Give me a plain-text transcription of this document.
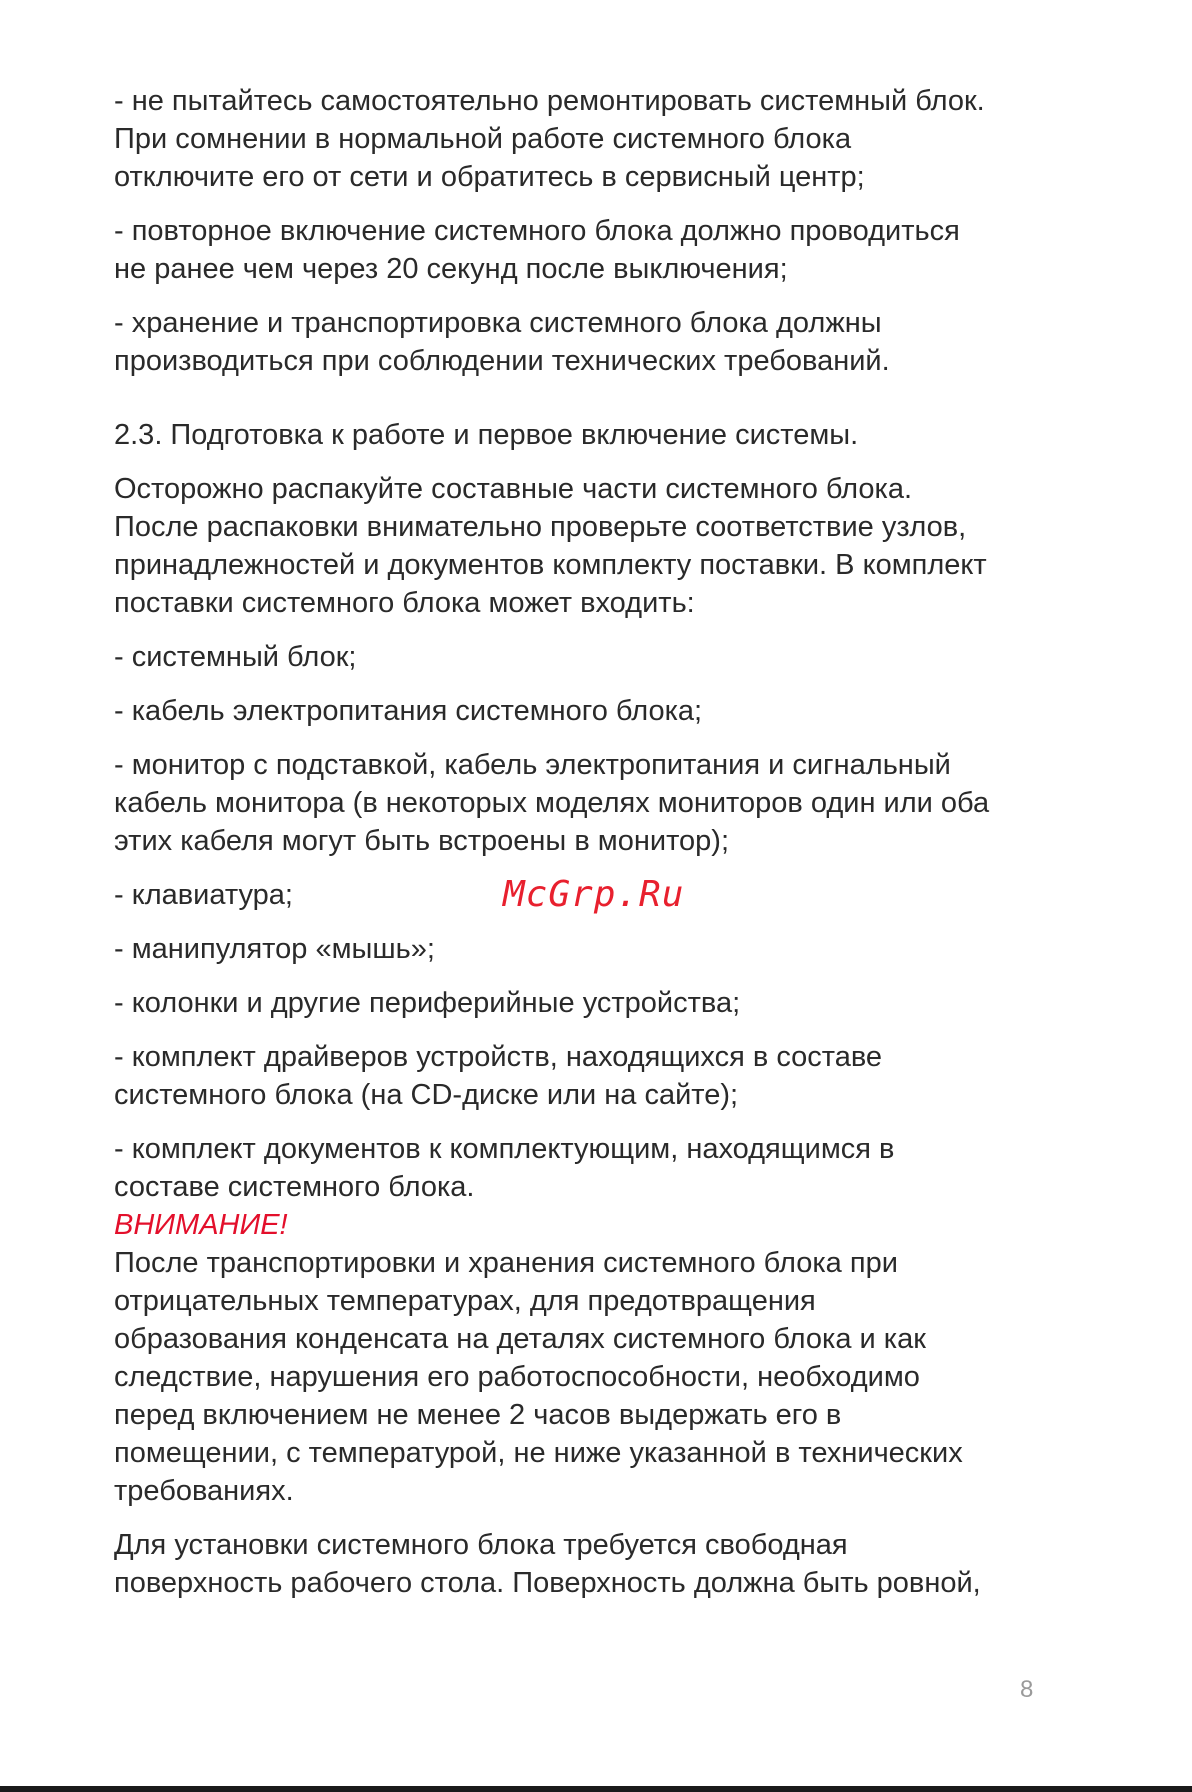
- не пытайтесь самостоятельно ремонтировать системный блок.
При сомнении в нормальной работе системного блока
отключите его от сети и обратитесь в сервисный центр;

- повторное включение системного блока должно проводиться
не ранее чем через 20 секунд после выключения;

- хранение и транспортировка системного блока должны
производиться при соблюдении технических требований.

2.3. Подготовка к работе и первое включение системы.

Осторожно распакуйте составные части системного блока.
После распаковки внимательно проверьте соответствие узлов,
принадлежностей и документов комплекту поставки. В комплект
поставки системного блока может входить:

- системный блок;

- кабель электропитания системного блока;

- монитор с подставкой, кабель электропитания и сигнальный
кабель монитора (в некоторых моделях мониторов один или оба
этих кабеля могут быть встроены в монитор);

- клавиатура;

- манипулятор «мышь»;

- колонки и другие периферийные устройства;

- комплект драйверов устройств, находящихся в составе
системного блока (на CD-диске или на сайте);

- комплект документов к комплектующим, находящимся в
составе системного блока.

ВНИМАНИЕ!

После транспортировки и хранения системного блока при
отрицательных температурах, для предотвращения
образования конденсата на деталях системного блока и как
следствие, нарушения его работоспособности, необходимо
перед включением не менее 2 часов выдержать его в
помещении, с температурой, не ниже указанной в технических
требованиях.

Для установки системного блока требуется свободная
поверхность рабочего стола. Поверхность должна быть ровной,

McGrp.Ru
8
